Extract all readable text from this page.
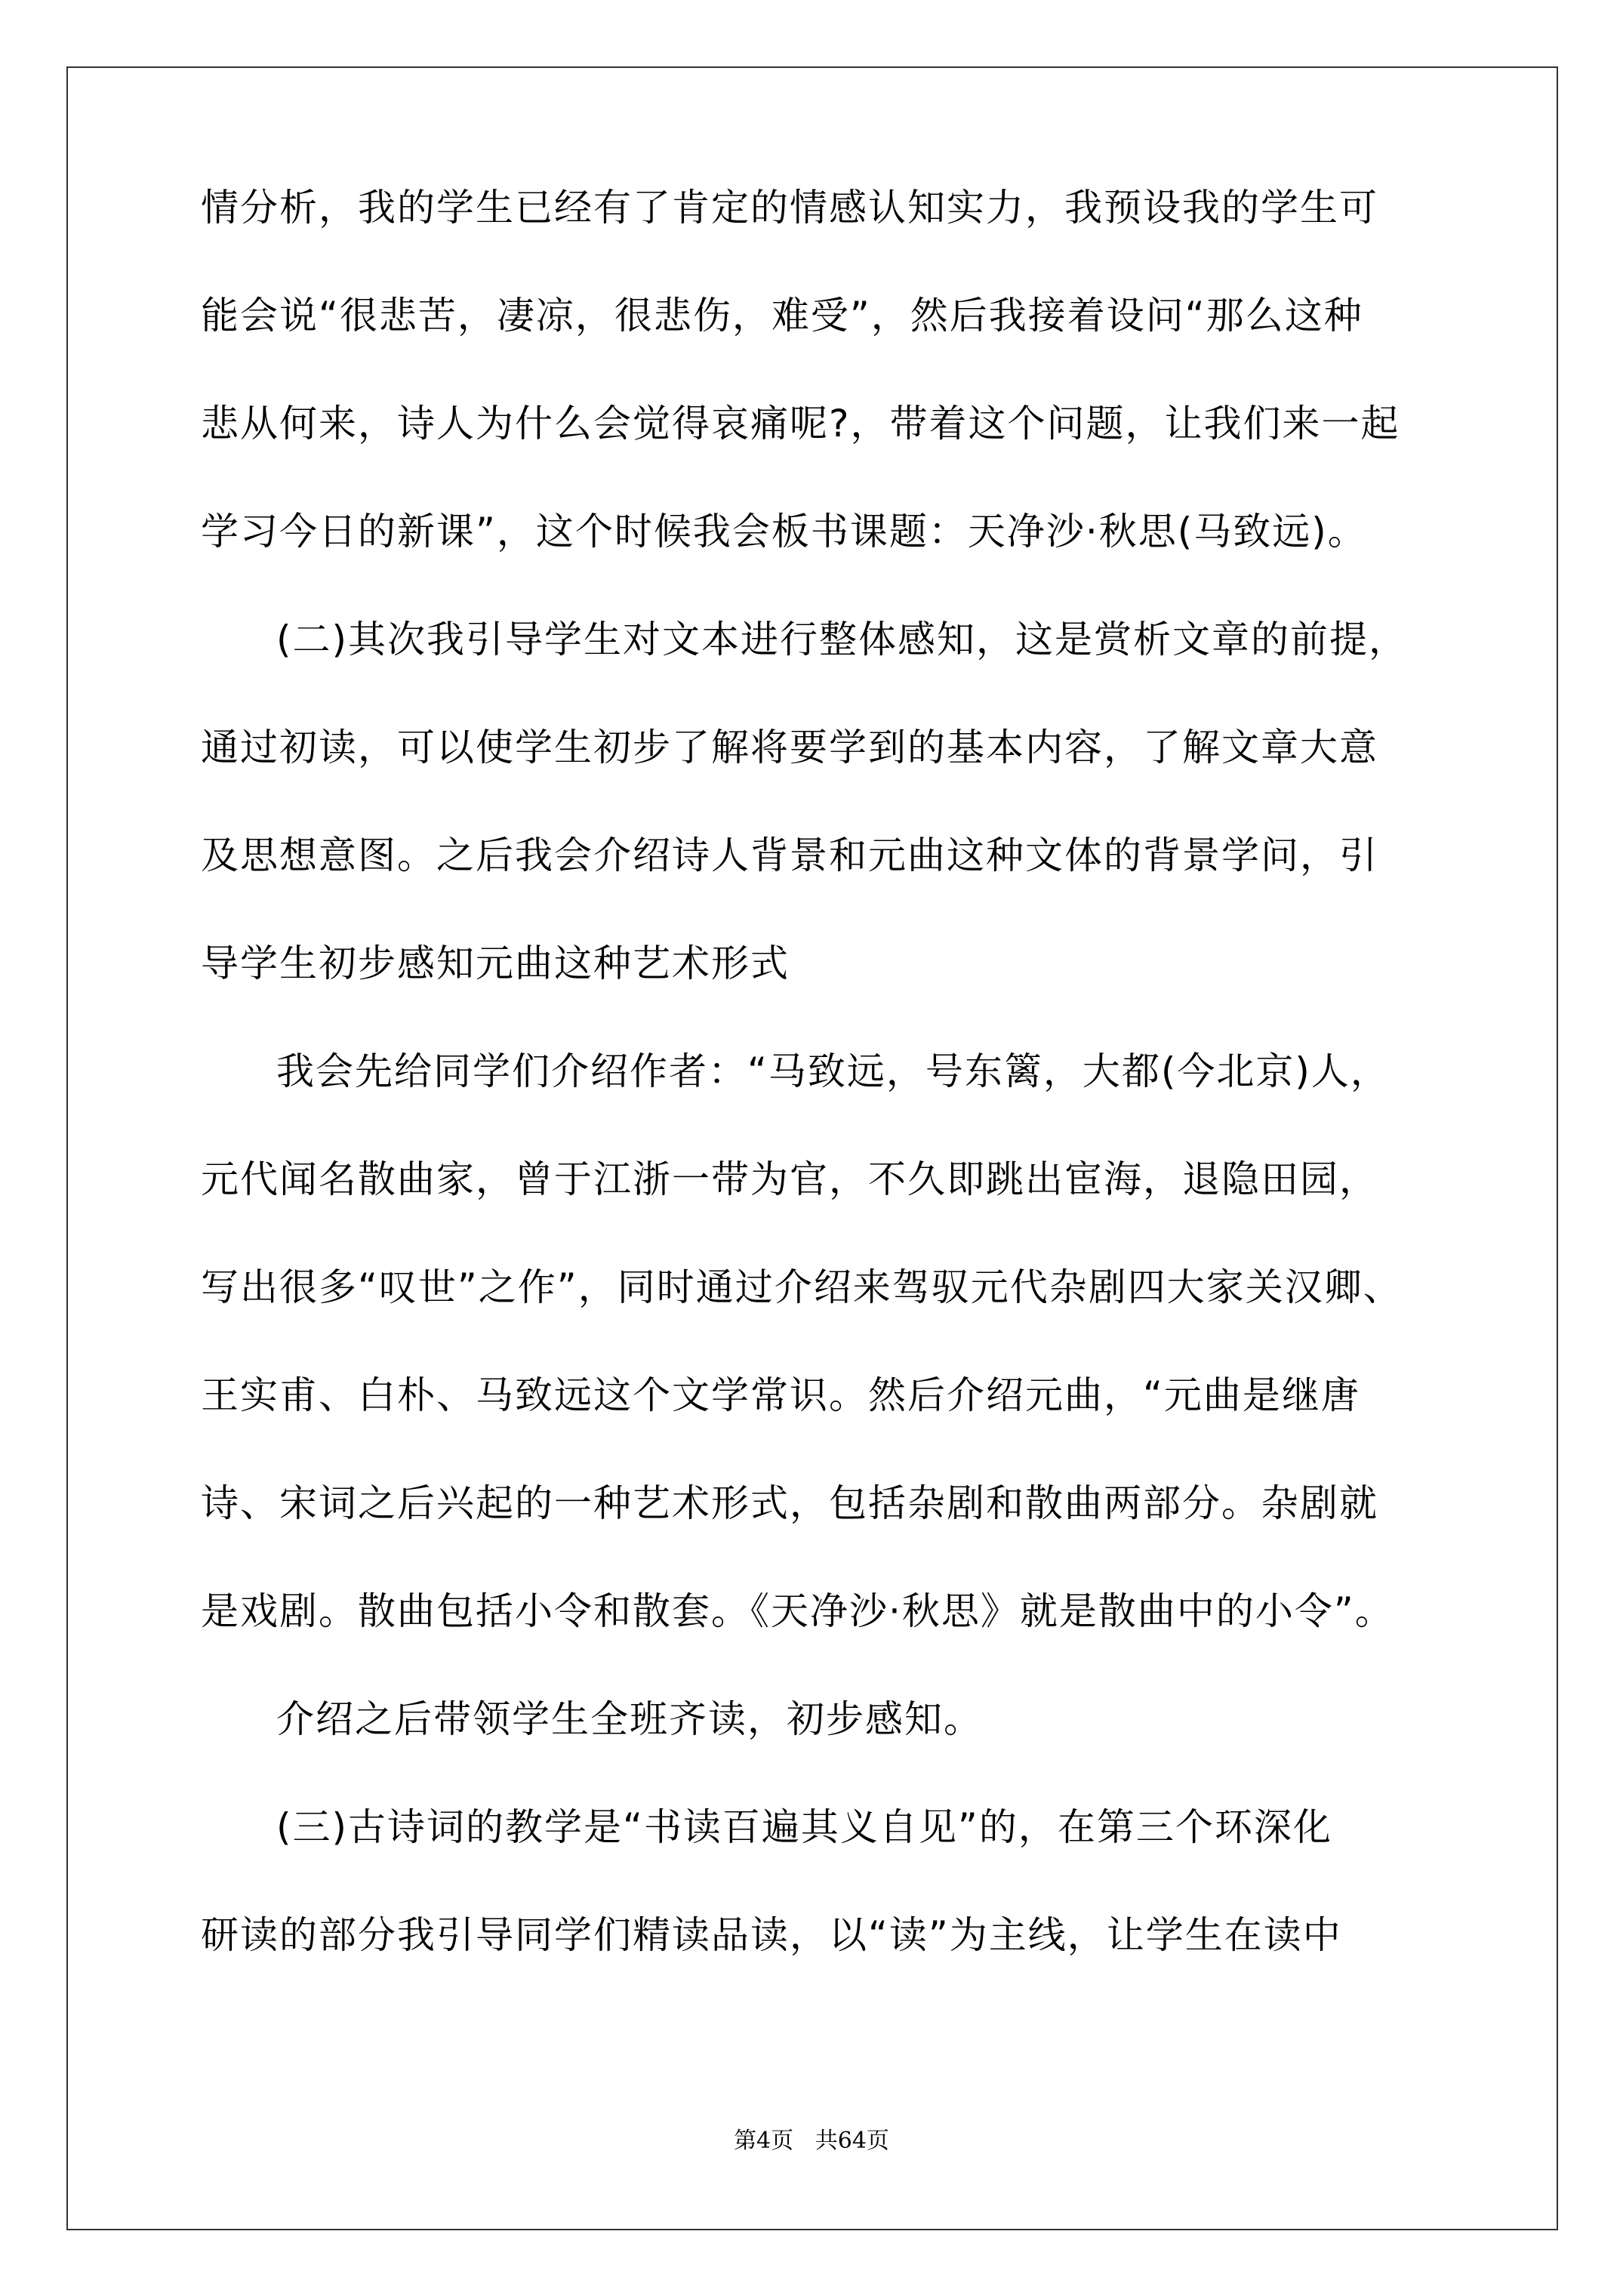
情分析，我的学生已经有了肯定的情感认知实力，我预设我的学生可
能会说“很悲苦，凄凉，很悲伤，难受”，然后我接着设问“那么这种
悲从何来，诗人为什么会觉得哀痛呢?，带着这个问题，让我们来一起
学习今日的新课”，这个时候我会板书课题：天净沙·秋思(马致远)。
(二)其次我引导学生对文本进行整体感知，这是赏析文章的前提，
通过初读，可以使学生初步了解将要学到的基本内容，了解文章大意
及思想意图。之后我会介绍诗人背景和元曲这种文体的背景学问，引
导学生初步感知元曲这种艺术形式
我会先给同学们介绍作者：“马致远，号东篱，大都(今北京)人，
元代闻名散曲家，曾于江浙一带为官，不久即跳出宦海，退隐田园，
写出很多“叹世”之作”，同时通过介绍来驾驭元代杂剧四大家关汉卿、
王实甫、白朴、马致远这个文学常识。然后介绍元曲，“元曲是继唐
诗、宋词之后兴起的一种艺术形式，包括杂剧和散曲两部分。杂剧就
是戏剧。散曲包括小令和散套。《天净沙·秋思》就是散曲中的小令”。
介绍之后带领学生全班齐读，初步感知。
(三)古诗词的教学是“书读百遍其义自见”的，在第三个环深化
研读的部分我引导同学们精读品读，以“读”为主线，让学生在读中
第4页   共64页
